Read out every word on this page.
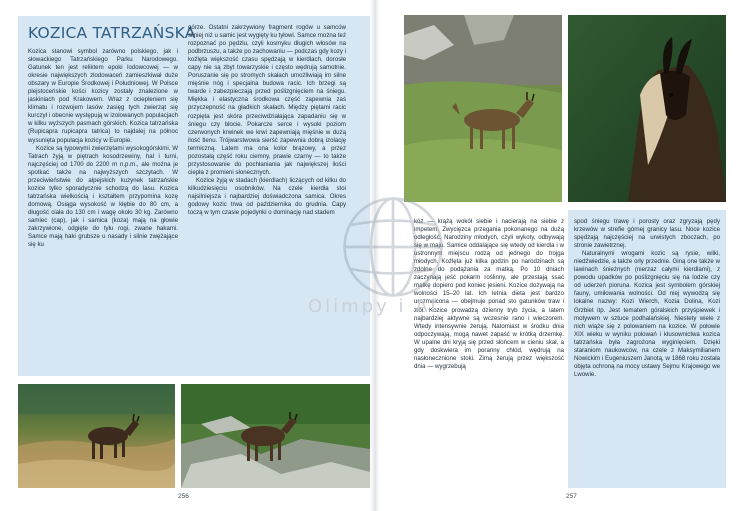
KOZICA TATRZAŃSKA

Kozica stanowi symbol zarówno polskiego, jak i słowackiego Tatrzańskiego Parku Narodowego. Gatunek ten jest reliktem epoki lodowcowej — w okresie największych zlodowaceń zamieszkiwał duże obszary w Europie Środkowej i Południowej. W Polsce plejstoceńskie kości kozicy zostały znalezione w jaskiniach pod Krakowem. Wraz z ociepleniem się klimatu i rozwojem lasów zasięg tych zwierząt się kurczył i obecnie występują w izolowanych populacjach w kilku wyższych pasmach górskich. Kozica tatrzańska (Rupicapra rupicapra tatrica) to najdalej na północ wysunięta populacja kozicy w Europie.

Kozice są typowymi zwierzętami wysokogórskimi. W Tatrach żyją w piętrach kosodrzewiny, hal i turni, najczęściej od 1700 do 2200 m n.p.m., ale można je spotkać także na najwyższych szczytach. W przeciwieństwie do alpejskich kuzynek tatrzańskie kozice tylko sporadycznie schodzą do lasu. Kozica tatrzańska wielkością i kształtem przypomina kozę domową. Osiąga wysokość w kłębie do 80 cm, a długość ciała do 130 cm i wagę około 30 kg. Zarówno samiec (cap), jak i samica (koza) mają na głowie zakrzywione, odgięte do tyłu rogi, zwane hakami. Samce mają haki grubsze u nasady i silnie zwężające się ku

górze. Ostatni zakrzywiony fragment rogów u samców silniej niż u samic jest wygięty ku tyłowi. Samce można też rozpoznać po pędzlu, czyli kosmyku długich włosów na podbrzuszu, a także po zachowaniu — podczas gdy kozy i koźlęta większość czasu spędzają w kierdlach, dorosłe capy nie są zbyt towarzyskie i często wędrują samotnie. Poruszanie się po stromych skałach umożliwiają im silne mięśnie nóg i specjalna budowa racic. Ich brzegi są twarde i zabezpieczają przed poślizgnięciem na śniegu. Miękka i elastyczna środkowa część zapewnia zaś przyczepność na gładkich skałach. Między piętami racic rozpięta jest skóra przeciwdziałająca zapadaniu się w śniegu czy błocie. Pokarcze serce i wysoki poziom czerwonych krwinek we krwi zapewniają mięśnie w dużą ilość tlenu. Trójwarstwowa sierść zapewnia dobrą izolację termiczną. Latem ma ona kolor brązowy, a przez pozostałą część roku ciemny, prawie czarny — to także przystosowanie do pochłaniania jak największej ilości ciepła z promieni słonecznych.

Kozice żyją w stadach (kierdlach) liczących od kilku do kilkudziesięciu osobników. Na czele kierdla stoi najsilniejsza i najbardziej doświadczona samica. Okres godowy kozic trwa od października do grudnia. Capy toczą w tym czasie pojedynki o dominację nad stadem

256

kóz — krążą wokół siebie i nacierają na siebie z impetem. Zwycięzca przegania pokonanego na dużą odległość. Narodziny młodych, czyli wykoty, odbywają się w maju. Samice oddalające się wtedy od kierdla i w ustronnym miejscu rodzą od jednego do trojga młodych. Koźlęta już kilka godzin po narodzinach są zdolne do podążania za matką. Po 10 dniach zaczynają jeść pokarm roślinny, ale przestają ssać matkę dopiero pod koniec jesieni. Kozice dożywają na wolności 15–20 lat. Ich letnia dieta jest bardzo urozmaicona — obejmuje ponad sto gatunków traw i ziół. Kozice prowadzą dzienny tryb życia, a latem najbardziej aktywne są wczesnie rano i wieczorem. Wtedy intensywnie żerują. Natomiast w środku dnia odpoczywają, mogą nawet zapaść w krótką drzemkę. W upalne dni kryją się przed słońcem w cieniu skał, a gdy doskwiera im poranny chłód, wędrują na nasłonecznione stoki. Zimą żerują przez większość dnia — wygrzebują

spod śniegu trawę i porosty oraz zgryzają pędy krzewów w strefie górnej granicy lasu. Noce kozice spędzają najczęściej na urwistych zboczach, po stronie zawietrznej.

Naturalnymi wrogami kozic są rysie, wilki, niedźwiedzie, a także orły przednie. Giną one także w lawinach śnieżnych (nierzaz całymi kierdlami), z powodu upadków po poślizgnięciu się na lodzie czy od uderzeń pioruna. Kozica jest symbolem górskiej fauny, umiłowania wolności. Od niej wywodzą się lokalne nazwy: Kozi Wierch, Kozia Dolina, Kozi Grzbiet itp. Jest tematem góralskich przyśpiewek i motywem w sztuce podhalańskiej. Niestety wiele z nich wiąże się z polowaniem na kozice. W połowie XIX wieku w wyniku polowań i kłusownictwa kozica tatrzańska była zagrożona wyginięciem. Dzięki staraniom naukowców, na czele z Maksymilianem Nowickim i Eugeniuszem Janotą, w 1868 roku została objęta ochroną na mocy ustawy Sejmu Krajowego we Lwowie.

257
Olimpy i Al
